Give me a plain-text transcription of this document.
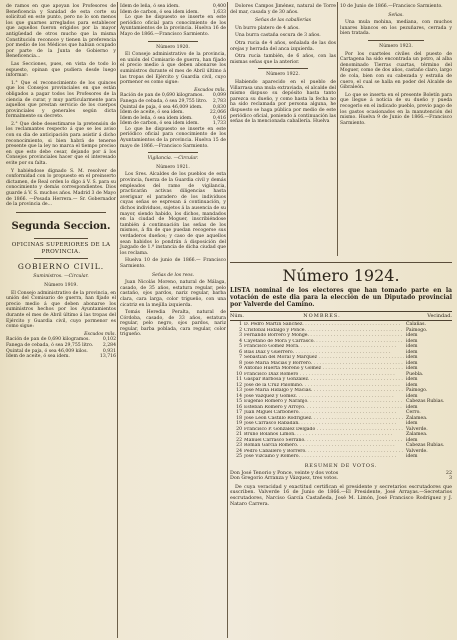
de ramos en que apoyan los Profesores de Beneficencia y Sanidad de esta corte su solicitud en este punto, pero no lo son menos los que guarnes arreglados para establecer que aquellos fueron erigidos por la mayor antigüedad de otros mucho que la misma Constitución reconoce y tienen la preferencia por medio de los Médicos que habian ocupado por parte de la Junta de Gobierno y Beneficencia...

Las Secciones, pues, en vista de todo lo espuesto, opinan que pudiera desde luego informar:

1.° Que el reconocimiento de los quinces que los Consejos provinciales en que están obligados a pagar todos los Profesores de la ciencia de curar, y muy particularmente para aquellos que prestan servicio de los cuerpos provinciales y generales según dicta formalmente su decreto.

2.° Que debe desestimarse la pretensión de los reclamantes respecto á que se les aviso con su dia de anticipación para asistir á dicho reconocimiento, si bien habrá de tenerse presente que la ley no marca el tiempo preciso en que esto debe cesar, dejando por á los Consejos provinciales hacer que el interesado evite por su falta.

Y habiéndose dignado S. M. resolver de conformidad con lo propuesto en el preinserto dictamen, de Real orden lo digo á V. S. para su conocimiento y demás correspondientes. Dios guarde á V. S. muchos años. Madrid 3 de Mayo de 1866. —Posada Herrera.— Sr. Gobernador de la provincia de...

Segunda Seccion.
OFICINAS SUPERIORES DE LA PROVINCIA.
GOBIERNO CIVIL.
Suministros. —Circular.
Número 1919.

El Consejo administrativo de la provincia, en unión del Comisario de guerra, han fijado el precio medio á que deben abonarse los suministros hechos por los Ayuntamientos durante el mes de Abril último á las tropas del Ejército y Guardia civil, cuyo pormenor es como sigue:

Escudos mils.
Ración de pan de 0,690 kilogramos.	0,102
Fanega de cebada, ó sea 29,755 litro. 2,284
Quintal de paja, ó sea 46,009 kilos.	0,931
Idem de aceite, ó sea idem.	13,716
Idem de leña, ó sea idem.	0,400
Idem de carbon, ó sea idem idem.	1,633

Lo que he dispuesto se inserte en este periódico oficial para conocimiento de los Ayuntamientos de la provincia. Huelva 16 de Mayo de 1866.—Francisco Sarmiento.

Número 1920.

El Consejo administrativo de la provincia, en unión del Comisario de guerra, han fijado el precio medio á que deben abonarse los suministros durante el mes de Abril último á las tropas del Ejército y Guardia civil, cuyo pormenor es como sigue:

Escudos mils.
Ración de pan de 0,690 kilogramos. 0,099
Fanega de cebada, ó sea 29,755 litro. 2,783
Quintal de paja, ó sea 46,009 idem. 0,830
Idem de aceite, ó sea idem.	22,066
Idem de leña, ó sea idem idem.	0,416
Idem de carbon, ó sea idem idem.	1,733

Lo que he dispuesto se inserte en este periódico oficial para conocimiento de los Ayuntamientos de la provincia. Huelva 15 de mayo de 1866.—Francisco Sarmiento.

Vigilancia. —Circular.
Número 1921.

Los Sres. Alcaldes de los pueblos de esta provincia, fuerza de la Guardia civil y demás empleados del ramo de vigilancia, practicarán activas diligencias hasta averiguar el paradero de los individuos cuyas señas se espresan á continuación, y dichos individuos, sujetos á la ausencia de su mayor, siendo habido, los dichos, mandados en la ciudad de Moguer, inscribiéndose también á continuación las señas de los mismos, á fin de que puedan recogerse sus verdaderos dueños; y caso de que aquellos sean habidos lo pondrán á disposición del Juzgado de 1.ª instancia de dicha ciudad que los reclama.

Huelva 10 de junio de 1866.— Francisco Sarmiento.

Señas de los reos.

Juan Nicolás Moreno, natural de Málaga, casado, de 35 años, estatura regular, pelo castaño, ojos pardos, nariz regular, barba clara, cara larga, color trigueño, con una cicatriz en la mejilla izquierda.

Tomás Heredia Peralta, natural de Córdoba, casado, de 33 años, estatura regular, pelo negro, ojos pardos, nariz regular, barba poblada, cara regular, color trigueño.

Dolores Campos Jiménez, natural de Torre del mar, casada y de 30 años.

Señas de las caballerías

Un burro platero de 4 años.

Una burra castaña oscura de 3 años.

Otra rucia de 4 años, señalada de las dos orejas y herrada del anca izquierda.

Otra rucia también, de 6 años, con las mismas señas que la anterior.

Número 1922.

Habiendo aparecido en el pueblo de Villarrasa una mula extraviada, el alcalde del mismo dispuso su depósito hasta tanto parezca su dueño, y como hasta la fecha no ha sido reclamada por persona alguna, he dispuesto se haga pública por medio de este periódico oficial, poniendo á continuación las señas de la mencionada caballería. Huelva

10 de Junio de 1866.—Francisco Sarmiento.

Señas.

Una mula mohina, mediana, con muchos lunares blancos en los pezuñares, cerrada y bien tratada.

Número 1923.

Por los cuarteles civiles del puesto de Cartagena ha sido encontrada un potro, al alba denominado Tierras cuartas, término del Moguer, como de dos años, castaño claro, largo de cola, bien con su cabezada y estraña de cuero, el cual se halla en poder del Alcalde de Gibraleón.

Lo que se inserta en el presente Boletín para que llegue á noticia de su dueño y pueda recogerlo en el indicado pueblo, previo pago de los gastos ocasionados en la manutención del mismo. Huelva 9 de Junio de 1866.—Francisco Sarmiento.

Número 1924.
LISTA nominal de los electores que han tomado parte en la votación de este dia para la elección de un Diputado provincial por Valverde del Camino.
Núm.	NOMBRES.	Vecindad.
1 D. Pedro Martín Sánchez. . . .	Calañas.
2 Cristóbal Hidalgo y Ponce. . . .	Paimogo.
3 Fernando Borrero y Monge. . . .	idem
4 Cayetano de Mora y Carrasco. . . .	idem
5 Francisco Gómez Mora. . . .	idem
6 Blas Díaz y Guerrero. . . .	idem
7 Sebastián del Moral y Márquez . . .	idem
8 José María Macías y Borrero. . . .	idem
9 Antonio Huerta Moreno y Gómez . . .	idem
10 Francisco Díaz Romero . . .	Puebla.
11 Gaspar Barbosa y González. . . .	idem
12 José de la Cruz Palomino. . . .	idem
13 José María Hidalgo y Macías. . . .	Paimogo.
14 José Vázquez y Gómez. . . .	idem
15 Eugenio Romero y Naranjo. . . .	Cabezas Rubias.
16 Esteban Romero y Arroyo. . . .	idem
17 Juan Miguel Carbonero. . . .	Cerro.
18 José Leon Castillo Rodríguez. . . .	Zalamea.
19 José Carrasco Rabadan. . . .	idem
20 Francisco P. González Delgado . . .	Valverde.
21 Bruno Bolaños Limón. . . .	Zalamea.
22 Manuel Carrasco Serrano. . . .	idem
23 Román García Romero. . . .	Cabezas Rubias.
24 Pedro Caballero y Borrero. . . .	Valverde.
25 José Vizcaíno y Romero. . . .	idem
RESUMEN DE VOTOS.
Don José Tenorio y Ponce, veinte y dos votos	22
Don Gregorio Arranza y Vázquez, tres votos.	3
De cuya veracidad y exactitud certifican el presidente y secretarios escrutadores que suscriben. Valverde 16 de Junio de 1866.—El Presidente, José Arrayas.—Secretarios escrutadores, Narciso García Castañeda, José M. Limón, José Francisco Rodríguez y J. Nataro Carrera.
